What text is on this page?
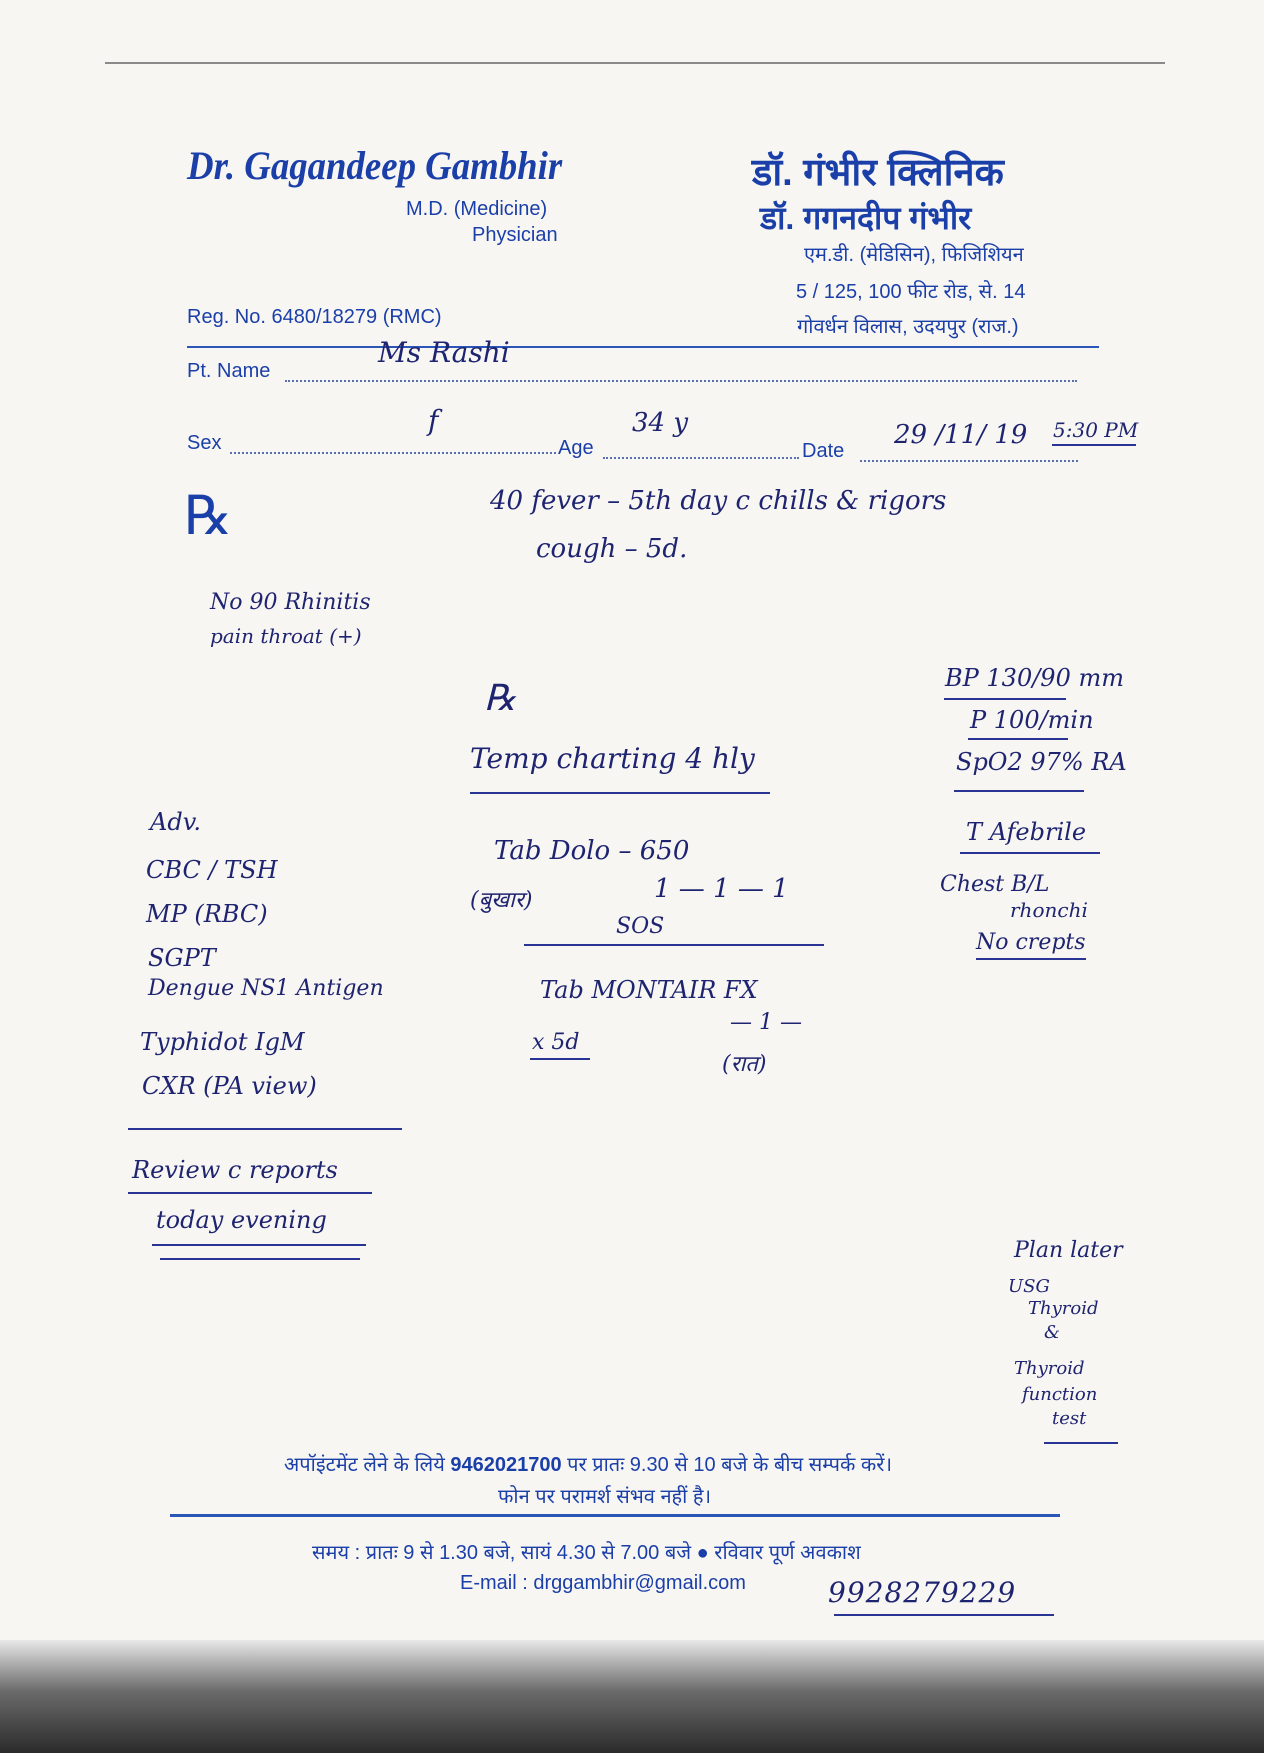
Dr. Gagandeep Gambhir
M.D. (Medicine)
Physician
Reg. No. 6480/18279 (RMC)
डॉ. गंभीर क्लिनिक
डॉ. गगनदीप गंभीर
एम.डी. (मेडिसिन), फिजिशियन
5 / 125, 100 फीट रोड, से. 14
गोवर्धन विलास, उदयपुर (राज.)
Pt. Name
Ms Rashi
Sex
f
Age
34 y
Date
29 /11/ 19 5:30 PM
℞	40 fever – 5th day c chills & rigors
cough – 5d.
No 90 Rhinitis
pain throat (+)
℞
Temp charting 4 hly
BP 130/90 mm
P 100/min
SpO2 97% RA
T Afebrile
Chest B/L
rhonchi
No crepts
Adv.
CBC / TSH
MP (RBC)
SGPT
Dengue NS1 Antigen
Typhidot IgM
CXR (PA view)
Review c reports
today evening
Tab Dolo – 650
(बुखार)	1 — 1 — 1
SOS
Tab MONTAIR FX
— 1 —
x 5d
(रात)
Plan later
USG
Thyroid
&
Thyroid
function
test
अपॉइंटमेंट लेने के लिये 9462021700 पर प्रातः 9.30 से 10 बजे के बीच सम्पर्क करें।
फोन पर परामर्श संभव नहीं है।
समय : प्रातः 9 से 1.30 बजे, सायं 4.30 से 7.00 बजे ● रविवार पूर्ण अवकाश
E-mail : drggambhir@gmail.com	9928279229
